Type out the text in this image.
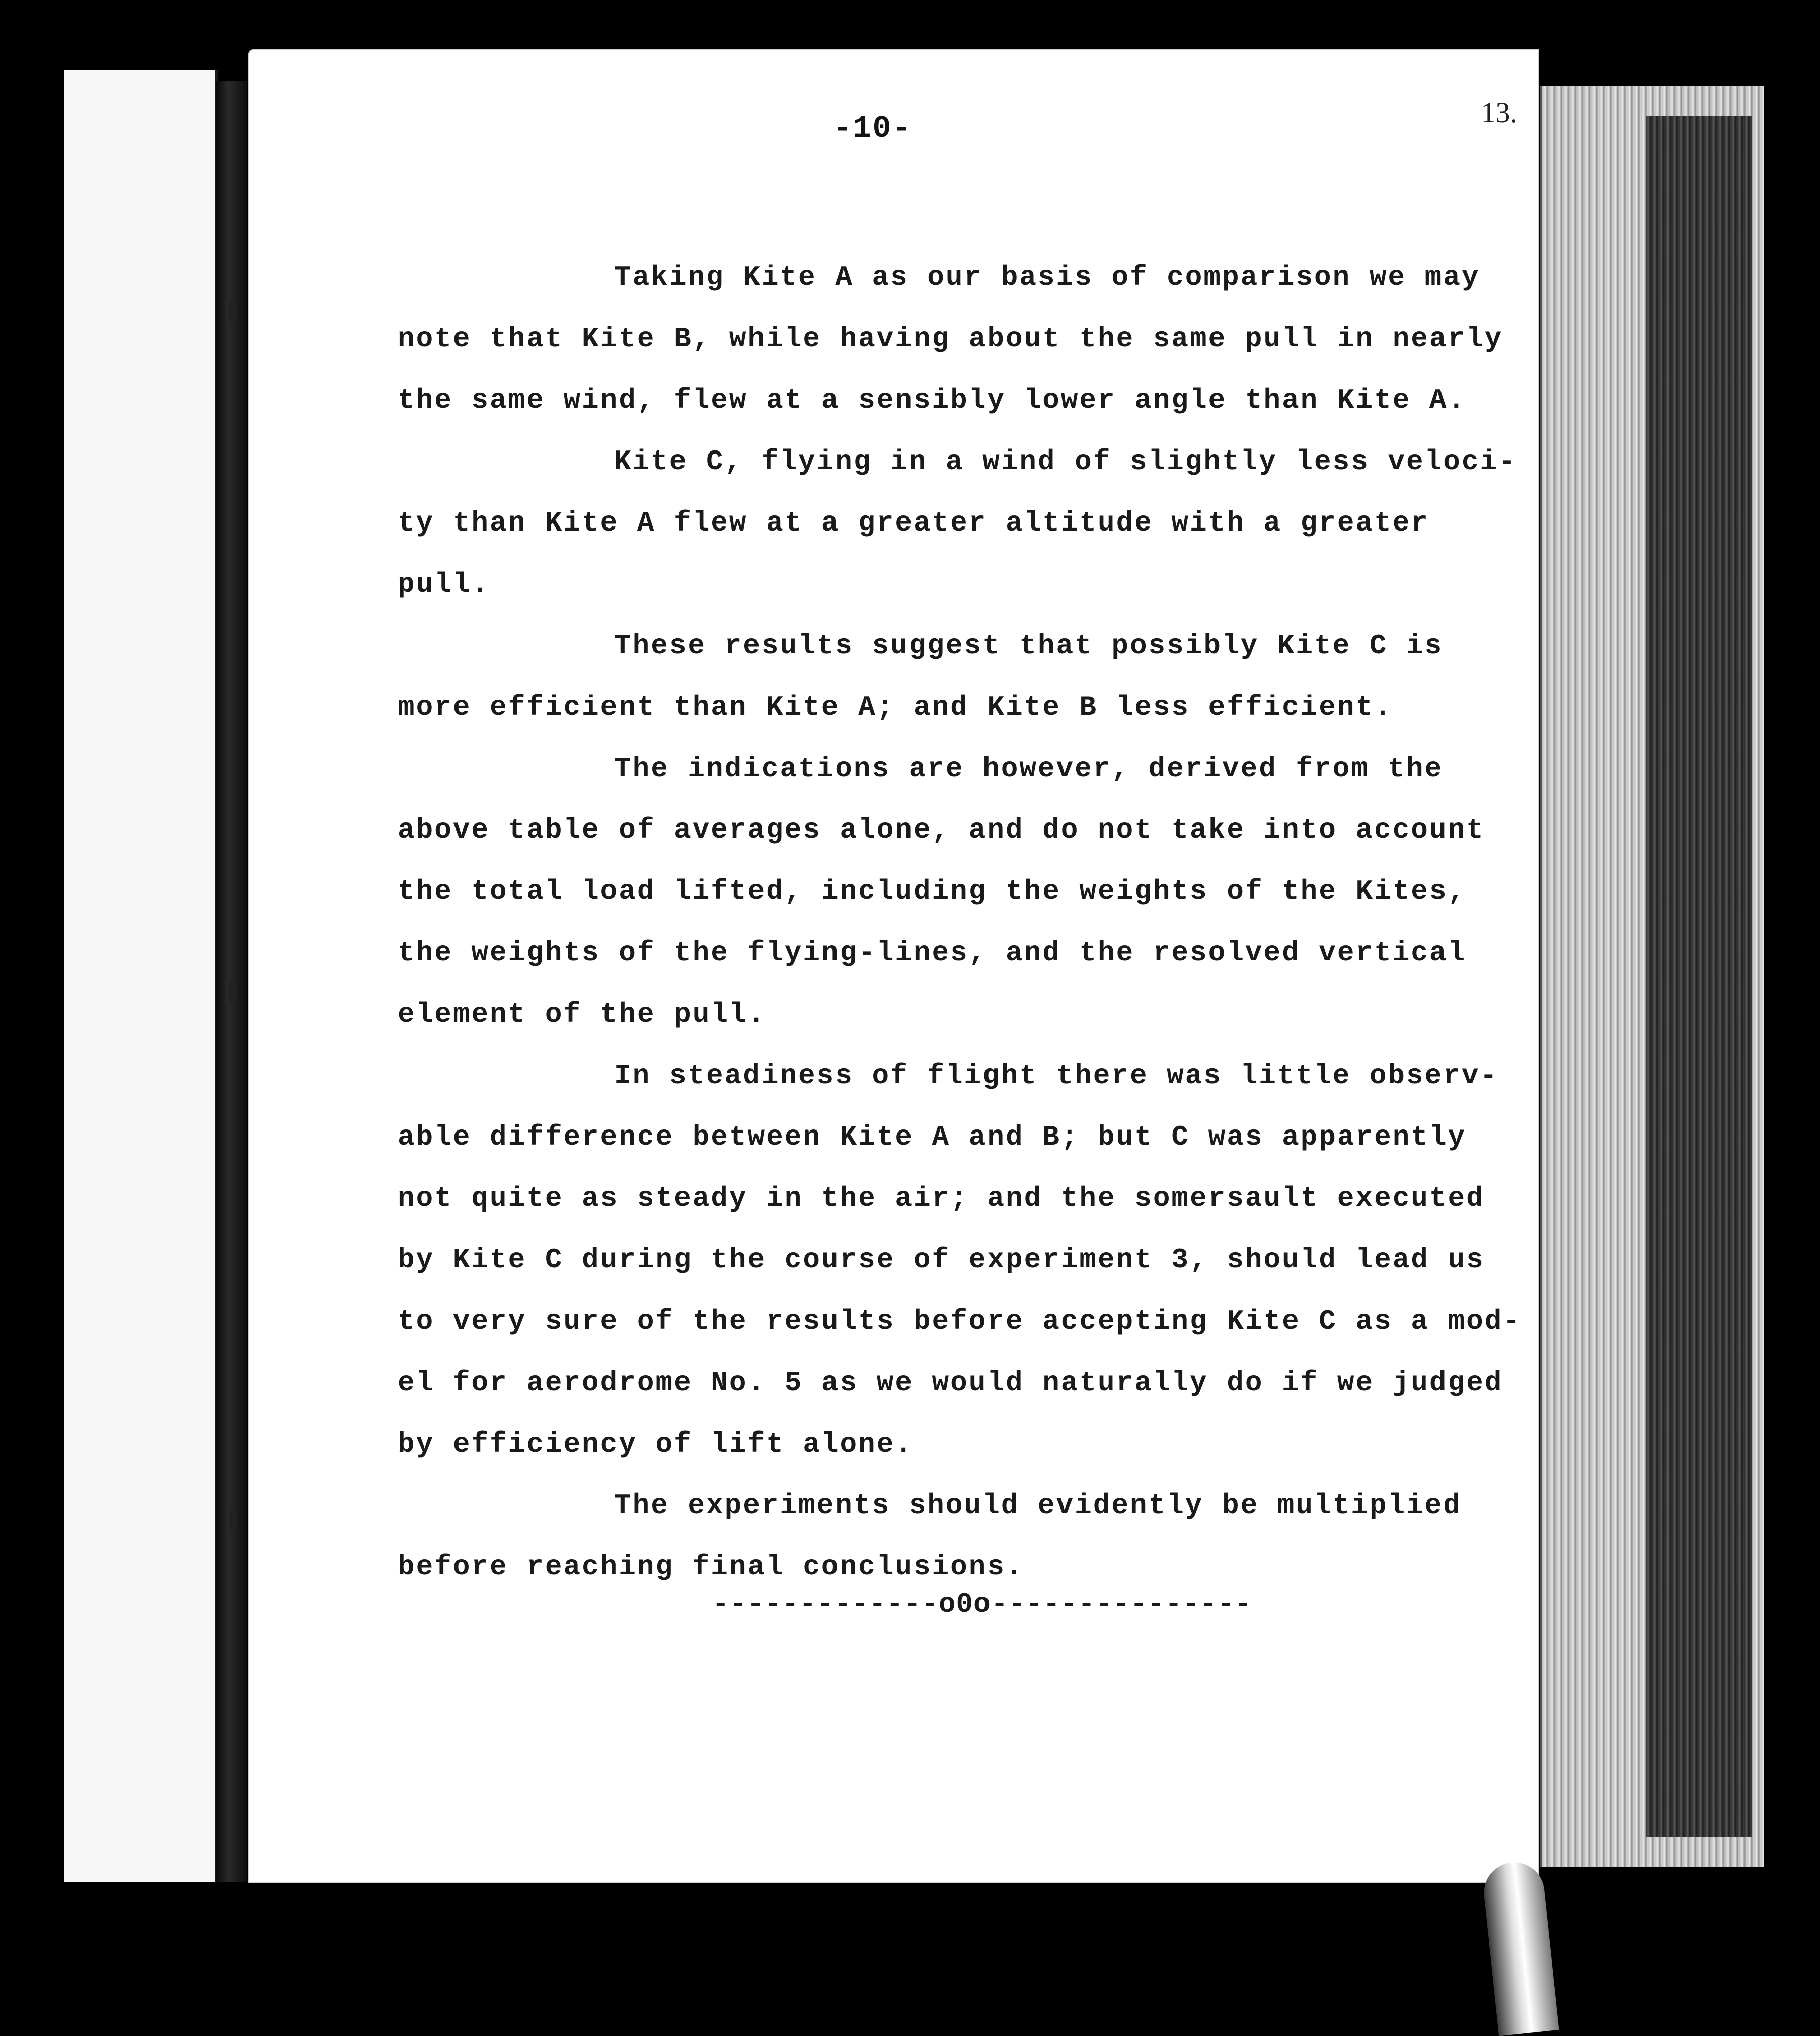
-10-	13.

Taking Kite A as our basis of comparison we may
note that Kite B, while having about the same pull in nearly
the same wind, flew at a sensibly lower angle than Kite A.

Kite C, flying in a wind of slightly less veloci-
ty than Kite A flew at a greater altitude with a greater
pull.

These results suggest that possibly Kite C is
more efficient than Kite A; and Kite B less efficient.

The indications are however, derived from the
above table of averages alone, and do not take into account
the total load lifted, including the weights of the Kites,
the weights of the flying-lines, and the resolved vertical
element of the pull.

In steadiness of flight there was little observ-
able difference between Kite A and B; but C was apparently
not quite as steady in the air; and the somersault executed
by Kite C during the course of experiment 3, should lead us
to very sure of the results before accepting Kite C as a mod-
el for aerodrome No. 5 as we would naturally do if we judged
by efficiency of lift alone.

The experiments should evidently be multiplied
before reaching final conclusions.

-------------o0o---------------
